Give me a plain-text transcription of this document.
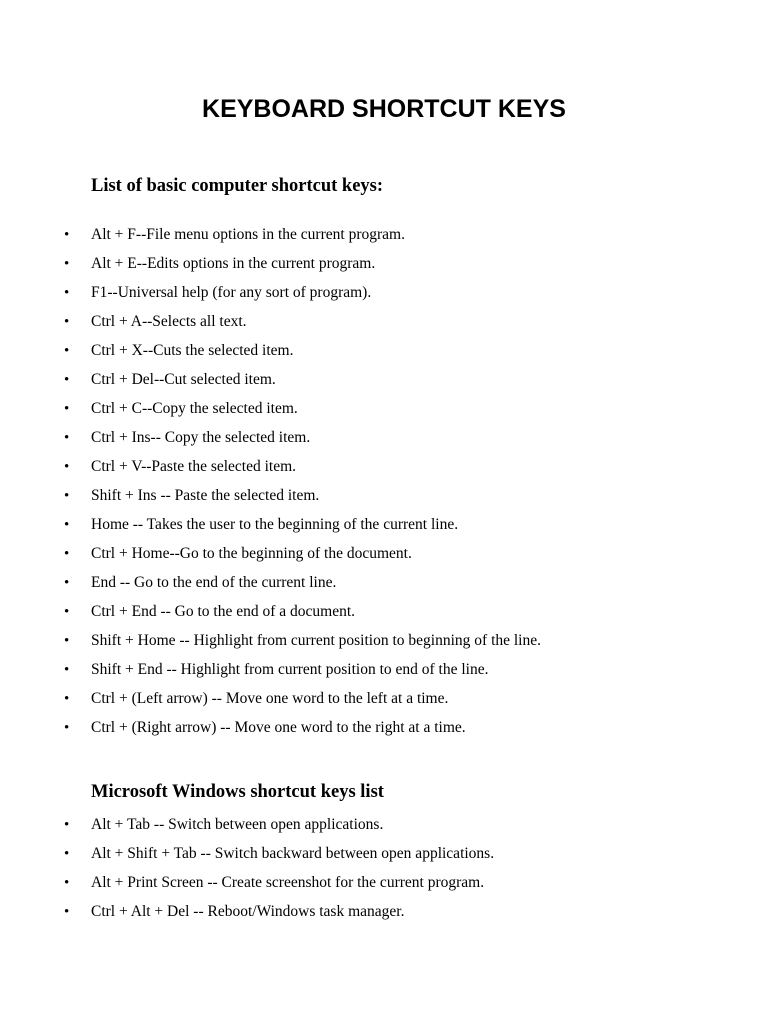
KEYBOARD SHORTCUT KEYS
List of basic computer shortcut keys:
• Alt + F--File menu options in the current program.
• Alt + E--Edits options in the current program.
• F1--Universal help (for any sort of program).
• Ctrl + A--Selects all text.
• Ctrl + X--Cuts the selected item.
• Ctrl + Del--Cut selected item.
• Ctrl + C--Copy the selected item.
• Ctrl + Ins-- Copy the selected item.
• Ctrl + V--Paste the selected item.
• Shift + Ins -- Paste the selected item.
• Home -- Takes the user to the beginning of the current line.
• Ctrl + Home--Go to the beginning of the document.
• End -- Go to the end of the current line.
• Ctrl + End -- Go to the end of a document.
• Shift + Home -- Highlight from current position to beginning of the line.
• Shift + End -- Highlight from current position to end of the line.
• Ctrl + (Left arrow) -- Move one word to the left at a time.
• Ctrl + (Right arrow) -- Move one word to the right at a time.
Microsoft Windows shortcut keys list
• Alt + Tab -- Switch between open applications.
• Alt + Shift + Tab -- Switch backward between open applications.
• Alt + Print Screen -- Create screenshot for the current program.
• Ctrl + Alt + Del -- Reboot/Windows task manager.
